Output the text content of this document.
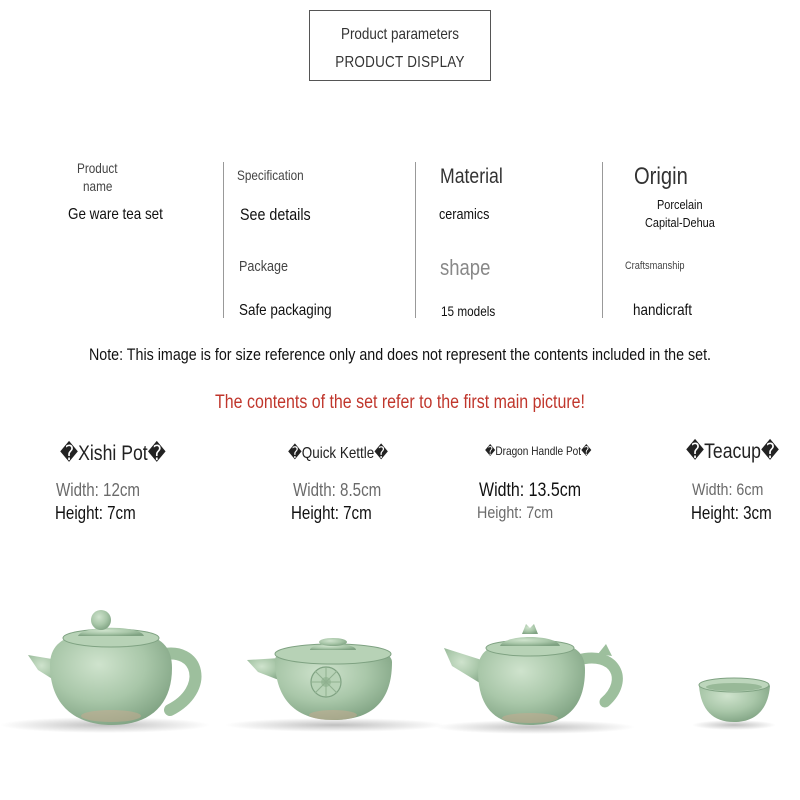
Product parameters
PRODUCT DISPLAY
Product
name
Ge ware tea set
Specification
See details
Package
Safe packaging
Material
ceramics
shape
15 models
Origin
Porcelain
Capital-Dehua
Craftsmanship
handicraft
Note: This image is for size reference only and does not represent the contents included in the set.
The contents of the set refer to the first main picture!
�Xishi Pot�
Width: 12cm
Height: 7cm
�Quick Kettle�
Width: 8.5cm
Height: 7cm
�Dragon Handle Pot�
Width: 13.5cm
Height: 7cm
�Teacup�
Width: 6cm
Height: 3cm
